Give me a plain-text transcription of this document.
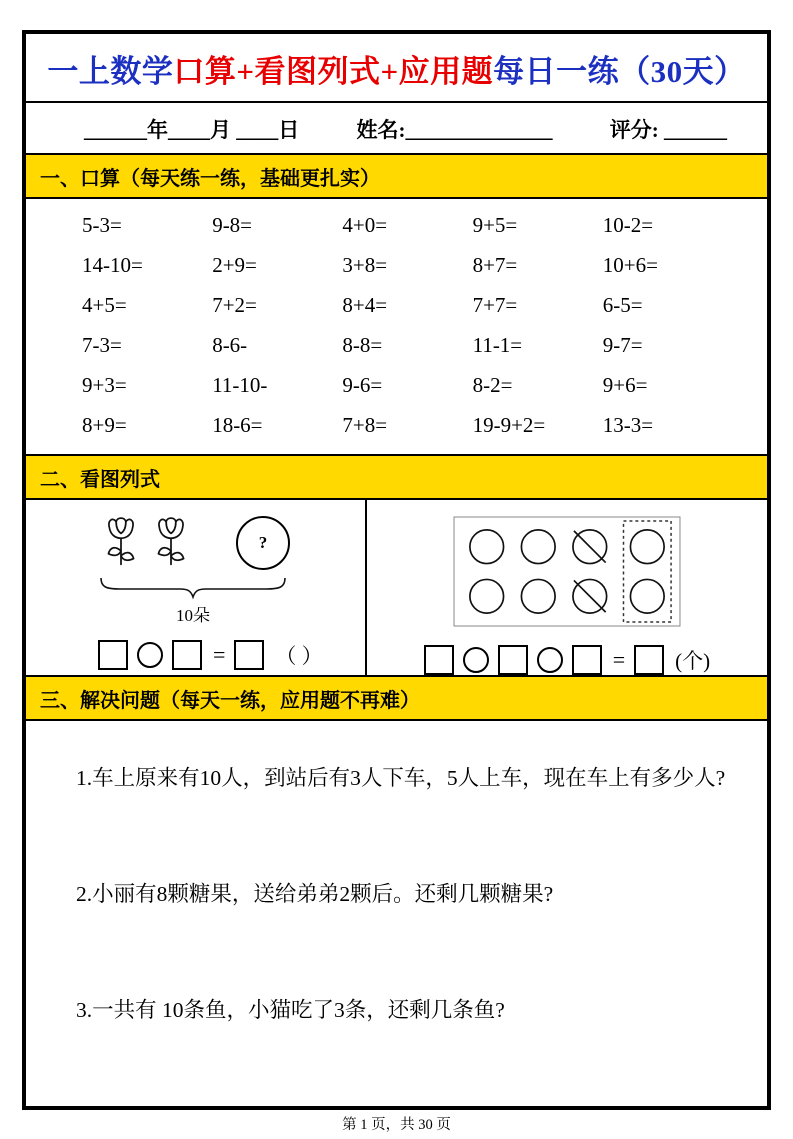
一上数学口算+看图列式+应用题每日一练（30天）
______年____月 ____日	姓名:______________	评分: ______
一、口算（每天练一练，基础更扎实）
5-3=	9-8=	4+0=	9+5=	10-2=
14-10=	2+9=	3+8=	8+7=	10+6=
4+5=	7+2=	8+4=	7+7=	6-5=
7-3=	8-6-	8-8=	11-1=	9-7=
9+3=	11-10-	9-6=	8-2=	9+6=
8+9=	18-6=	7+8=	19-9+2=	13-3=
二、看图列式
?
10朵
= （ ）	= (个)
三、解决问题（每天一练，应用题不再难）
1.车上原来有10人，到站后有3人下车，5人上车，现在车上有多少人?
2.小丽有8颗糖果，送给弟弟2颗后。还剩几颗糖果?
3.一共有 10条鱼，小猫吃了3条，还剩几条鱼?
第 1 页，共 30 页
